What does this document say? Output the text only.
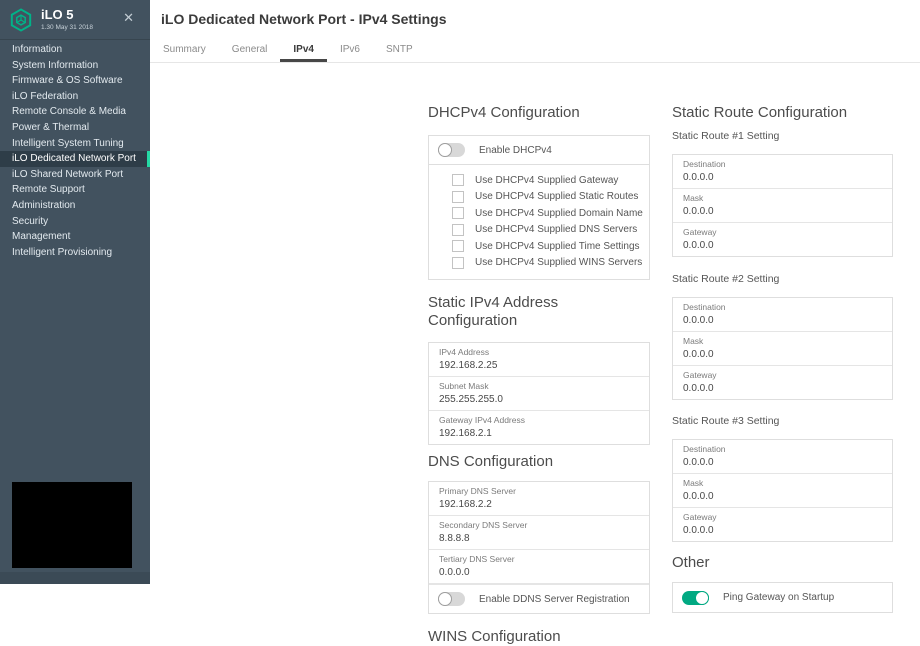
iLO 5
1.30 May 31 2018
✕
Information
System Information
Firmware & OS Software
iLO Federation
Remote Console & Media
Power & Thermal
Intelligent System Tuning
iLO Dedicated Network Port
iLO Shared Network Port
Remote Support
Administration
Security
Management
Intelligent Provisioning
iLO Dedicated Network Port - IPv4 Settings
Summary	General	IPv4	IPv6	SNTP
DHCPv4 Configuration
Enable DHCPv4
Use DHCPv4 Supplied Gateway
Use DHCPv4 Supplied Static Routes
Use DHCPv4 Supplied Domain Name
Use DHCPv4 Supplied DNS Servers
Use DHCPv4 Supplied Time Settings
Use DHCPv4 Supplied WINS Servers
Static IPv4 Address Configuration
IPv4 Address
192.168.2.25
Subnet Mask
255.255.255.0
Gateway IPv4 Address
192.168.2.1
DNS Configuration
Primary DNS Server
192.168.2.2
Secondary DNS Server
8.8.8.8
Tertiary DNS Server
0.0.0.0
Enable DDNS Server Registration
WINS Configuration
Static Route Configuration
Static Route #1 Setting
Destination
0.0.0.0
Mask
0.0.0.0
Gateway
0.0.0.0
Static Route #2 Setting
Destination
0.0.0.0
Mask
0.0.0.0
Gateway
0.0.0.0
Static Route #3 Setting
Destination
0.0.0.0
Mask
0.0.0.0
Gateway
0.0.0.0
Other
Ping Gateway on Startup
